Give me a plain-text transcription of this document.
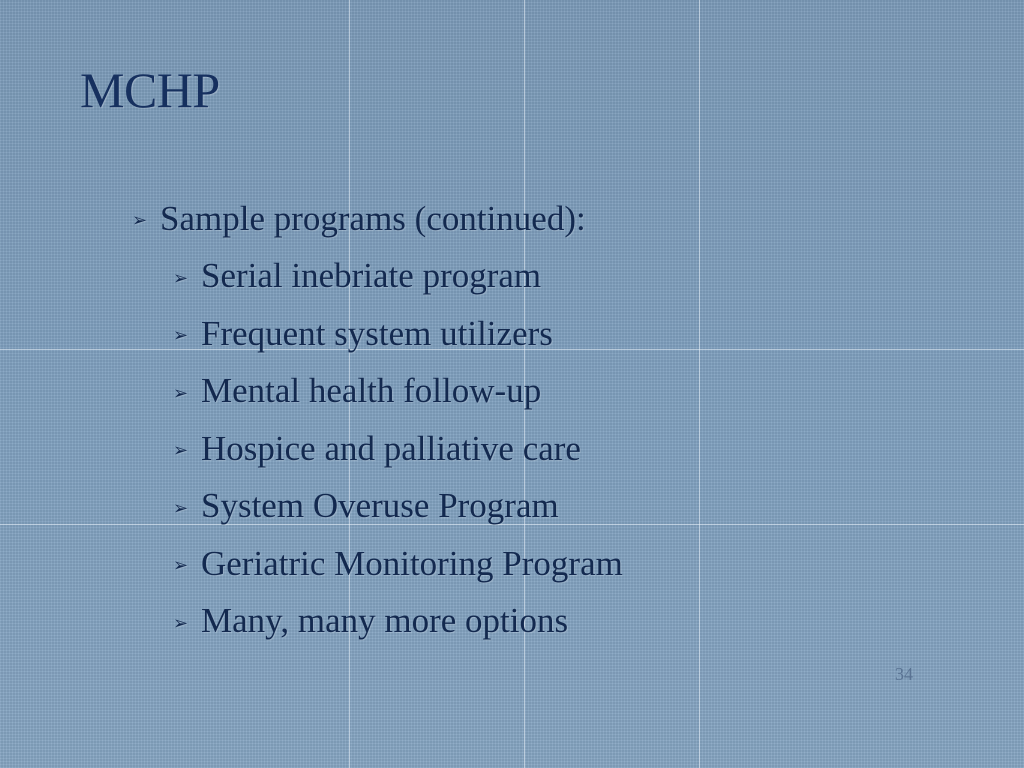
MCHP
➢ Sample programs (continued):
➢ Serial inebriate program
➢ Frequent system utilizers
➢ Mental health follow-up
➢ Hospice and palliative care
➢ System Overuse Program
➢ Geriatric Monitoring Program
➢ Many, many more options
34
